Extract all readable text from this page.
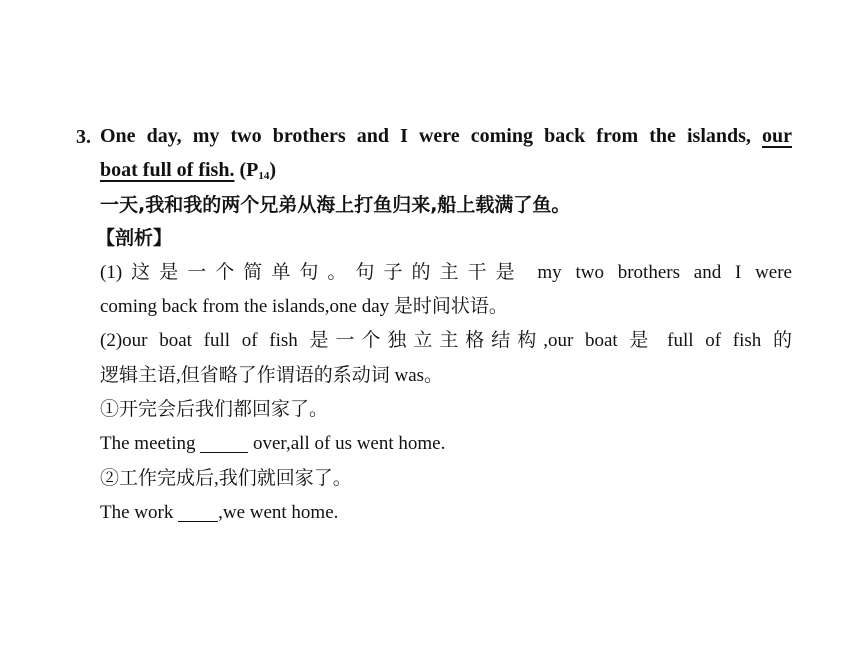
3. One day, my two brothers and I were coming back from the islands, our
boat full of fish. $(P_{14})$
一天,我和我的两个兄弟从海上打鱼归来,船上载满了鱼。
【剖析】
(1)这是一个简单句。句子的主干是 my two brothers and I were
coming back from the islands,one day 是时间状语。
(2)our boat full of fish 是一个独立主格结构,our boat 是 full of fish 的
逻辑主语,但省略了作谓语的系动词 was。
①开完会后我们都回家了。
The meeting	over,all of us went home.
②工作完成后,我们就回家了。
The work ,we went home.
